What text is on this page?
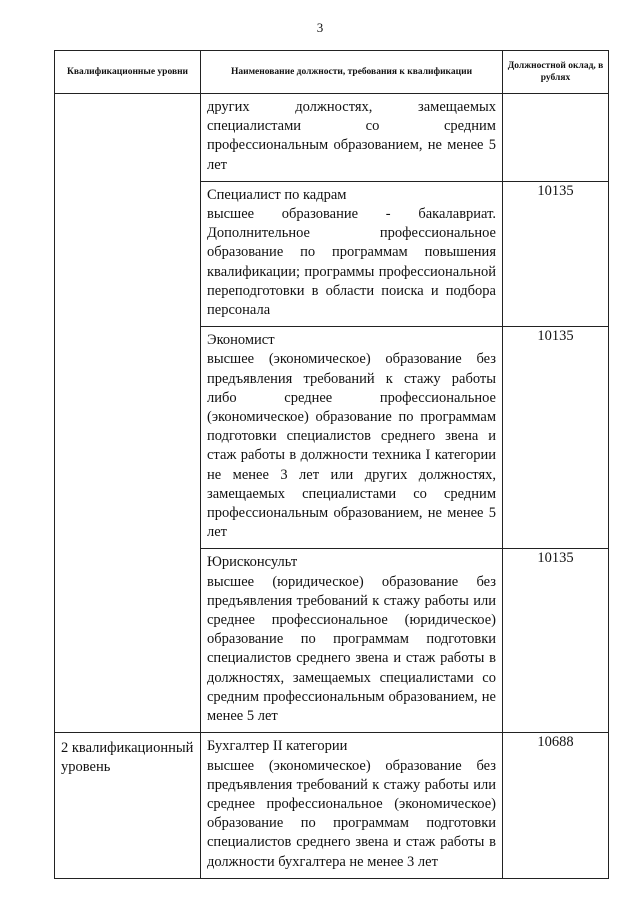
3
Квалификационные уровни	Наименование должности, требования к квалификации	Должностной оклад, в рублях

	других должностях, замещаемых специалистами со средним профессиональным образованием, не менее 5 лет	

	Специалист по кадрам
высшее образование - бакалавриат. Дополнительное профессиональное образование по программам повышения квалификации; программы профессиональной переподготовки в области поиска и подбора персонала	10135

	Экономист
высшее (экономическое) образование без предъявления требований к стажу работы либо среднее профессиональное (экономическое) образование по программам подготовки специалистов среднего звена и стаж работы в должности техника I категории не менее 3 лет или других должностях, замещаемых специалистами со средним профессиональным образованием, не менее 5 лет	10135

	Юрисконсульт
высшее (юридическое) образование без предъявления требований к стажу работы или среднее профессиональное (юридическое) образование по программам подготовки специалистов среднего звена и стаж работы в должностях, замещаемых специалистами со средним профессиональным образованием, не менее 5 лет	10135
2 квалификационный уровень	Бухгалтер II категории
высшее (экономическое) образование без предъявления требований к стажу работы или среднее профессиональное (экономическое) образование по программам подготовки специалистов среднего звена и стаж работы в должности бухгалтера не менее 3 лет	10688
